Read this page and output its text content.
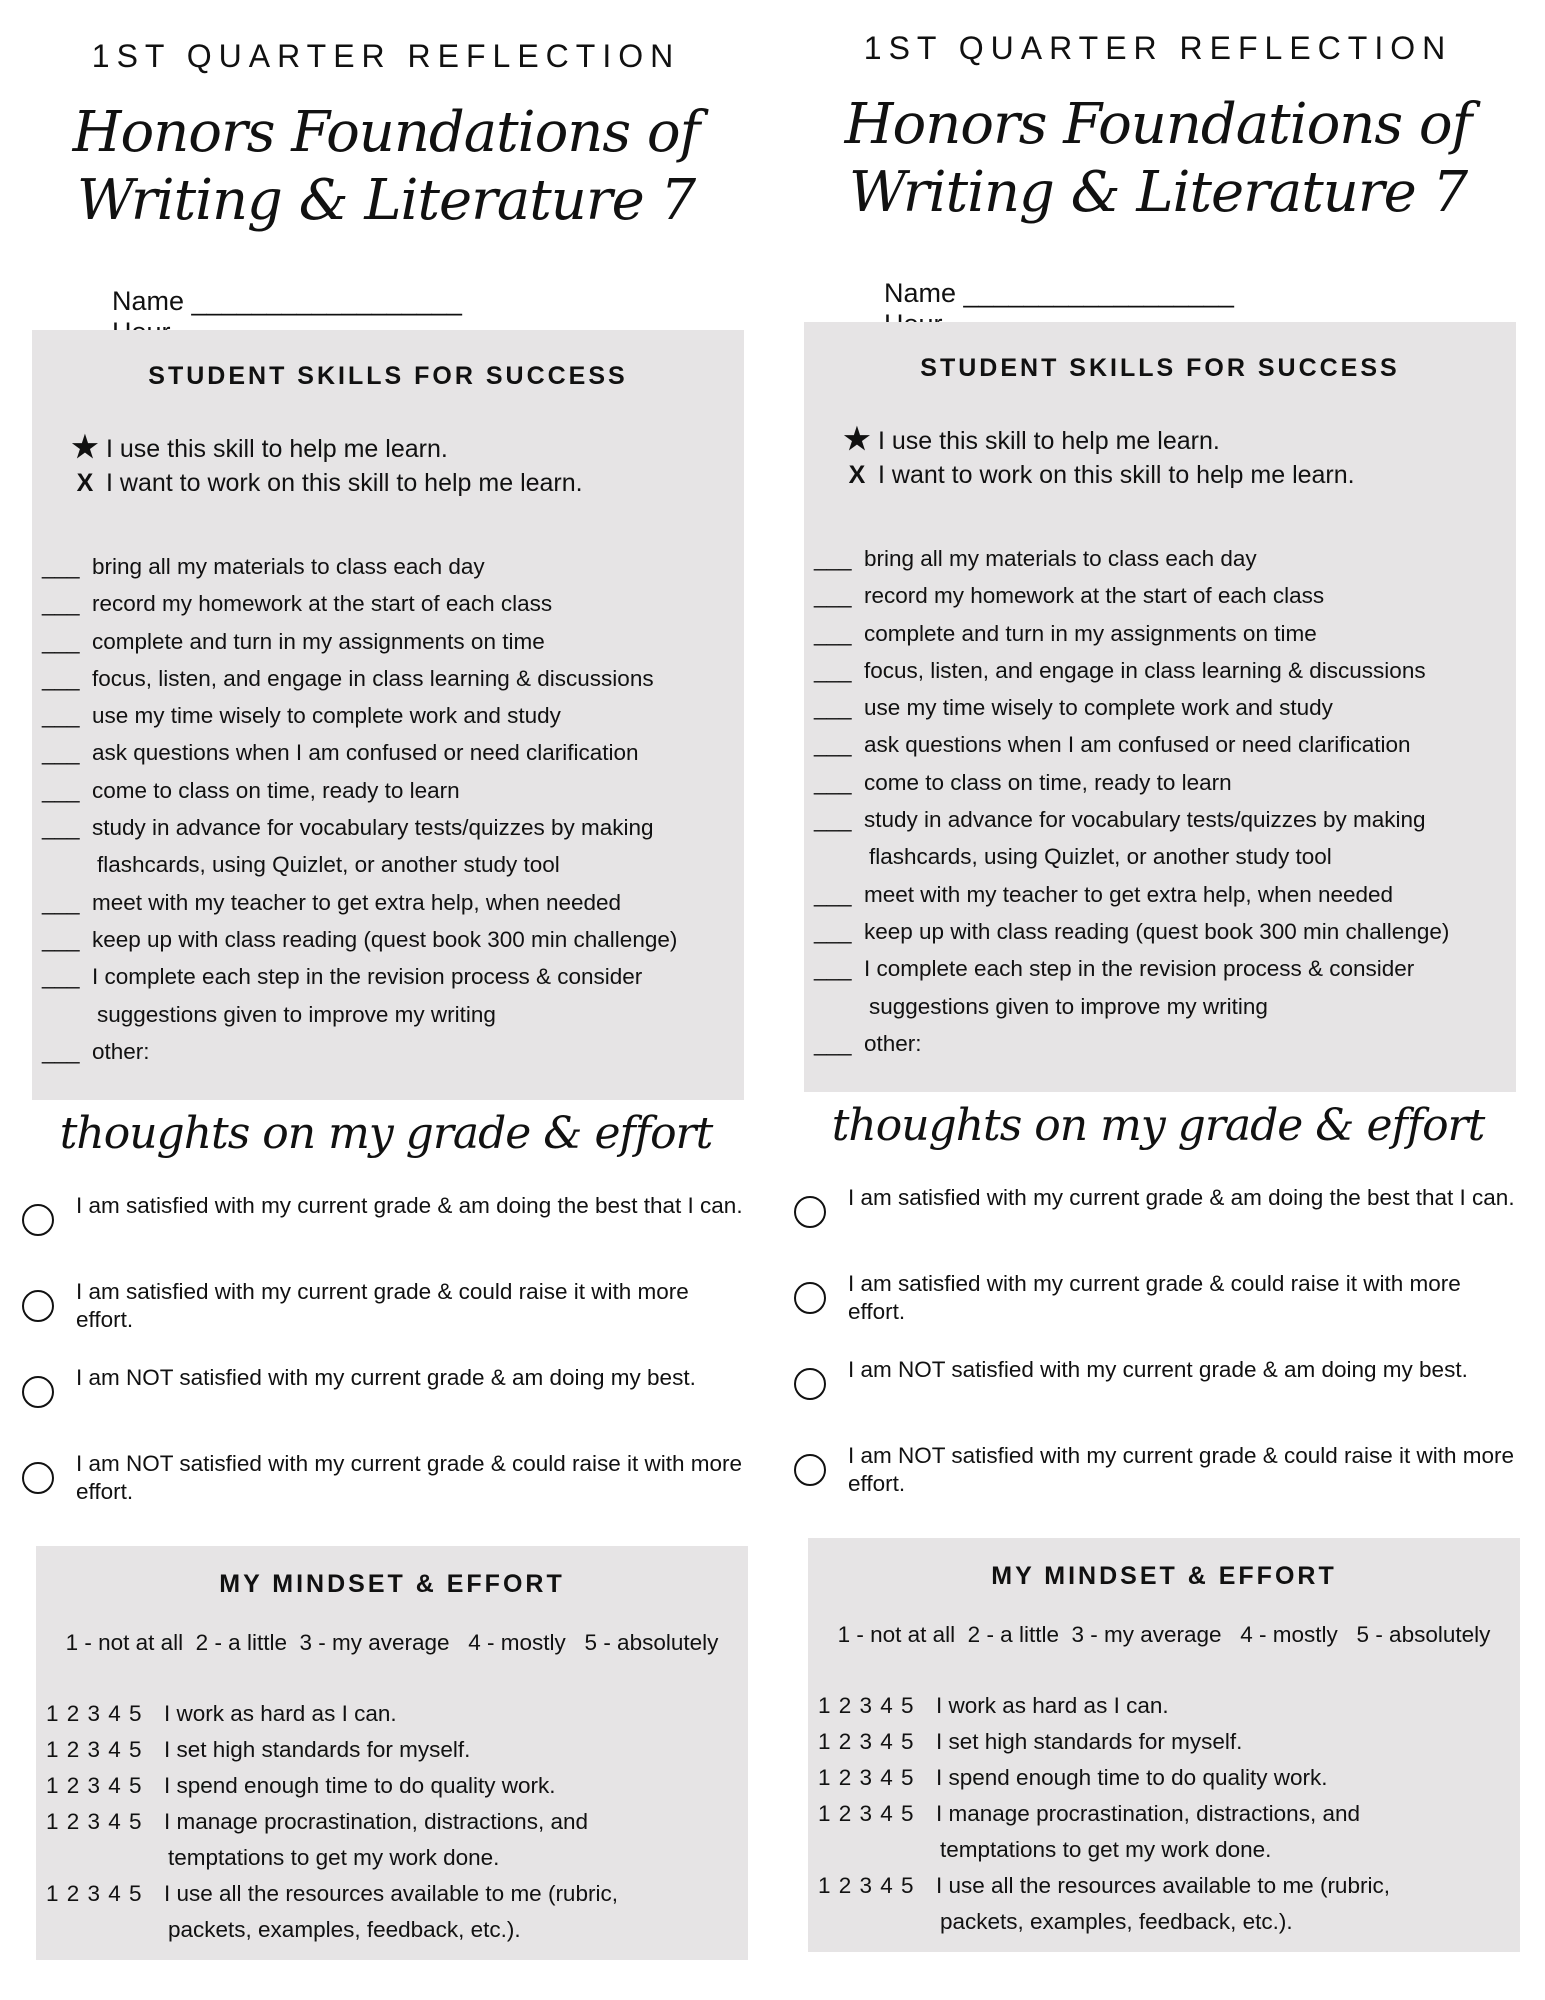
1ST QUARTER REFLECTION
Honors Foundations of
Writing & Literature 7

Name __________________

STUDENT SKILLS FOR SUCCESS
★ I use this skill to help me learn.
X I want to work on this skill to help me learn.
___ bring all my materials to class each day
___ record my homework at the start of each class
___ complete and turn in my assignments on time
___ focus, listen, and engage in class learning & discussions
___ use my time wisely to complete work and study
___ ask questions when I am confused or need clarification
___ come to class on time, ready to learn
___ study in advance for vocabulary tests/quizzes by making
flashcards, using Quizlet, or another study tool
___ meet with my teacher to get extra help, when needed
___ keep up with class reading (quest book 300 min challenge)
___ I complete each step in the revision process & consider
suggestions given to improve my writing
___ other:
thoughts on my grade & effort
I am satisfied with my current grade & am doing the best that I can.
I am satisfied with my current grade & could raise it with more effort.
I am NOT satisfied with my current grade & am doing my best.
I am NOT satisfied with my current grade & could raise it with more effort.
MY MINDSET & EFFORT
1 - not at all  2 - a little  3 - my average   4 - mostly   5 - absolutely
1 2 3 4 5 I work as hard as I can.
1 2 3 4 5 I set high standards for myself.
1 2 3 4 5 I spend enough time to do quality work.
1 2 3 4 5 I manage procrastination, distractions, and
temptations to get my work done.
1 2 3 4 5 I use all the resources available to me (rubric,
packets, examples, feedback, etc.).
1ST QUARTER REFLECTION
Honors Foundations of
Writing & Literature 7

Name __________________

STUDENT SKILLS FOR SUCCESS
★ I use this skill to help me learn.
X I want to work on this skill to help me learn.
___ bring all my materials to class each day
___ record my homework at the start of each class
___ complete and turn in my assignments on time
___ focus, listen, and engage in class learning & discussions
___ use my time wisely to complete work and study
___ ask questions when I am confused or need clarification
___ come to class on time, ready to learn
___ study in advance for vocabulary tests/quizzes by making
flashcards, using Quizlet, or another study tool
___ meet with my teacher to get extra help, when needed
___ keep up with class reading (quest book 300 min challenge)
___ I complete each step in the revision process & consider
suggestions given to improve my writing
___ other:
thoughts on my grade & effort
I am satisfied with my current grade & am doing the best that I can.
I am satisfied with my current grade & could raise it with more effort.
I am NOT satisfied with my current grade & am doing my best.
I am NOT satisfied with my current grade & could raise it with more effort.
MY MINDSET & EFFORT
1 - not at all  2 - a little  3 - my average   4 - mostly   5 - absolutely
1 2 3 4 5 I work as hard as I can.
1 2 3 4 5 I set high standards for myself.
1 2 3 4 5 I spend enough time to do quality work.
1 2 3 4 5 I manage procrastination, distractions, and
temptations to get my work done.
1 2 3 4 5 I use all the resources available to me (rubric,
packets, examples, feedback, etc.).
